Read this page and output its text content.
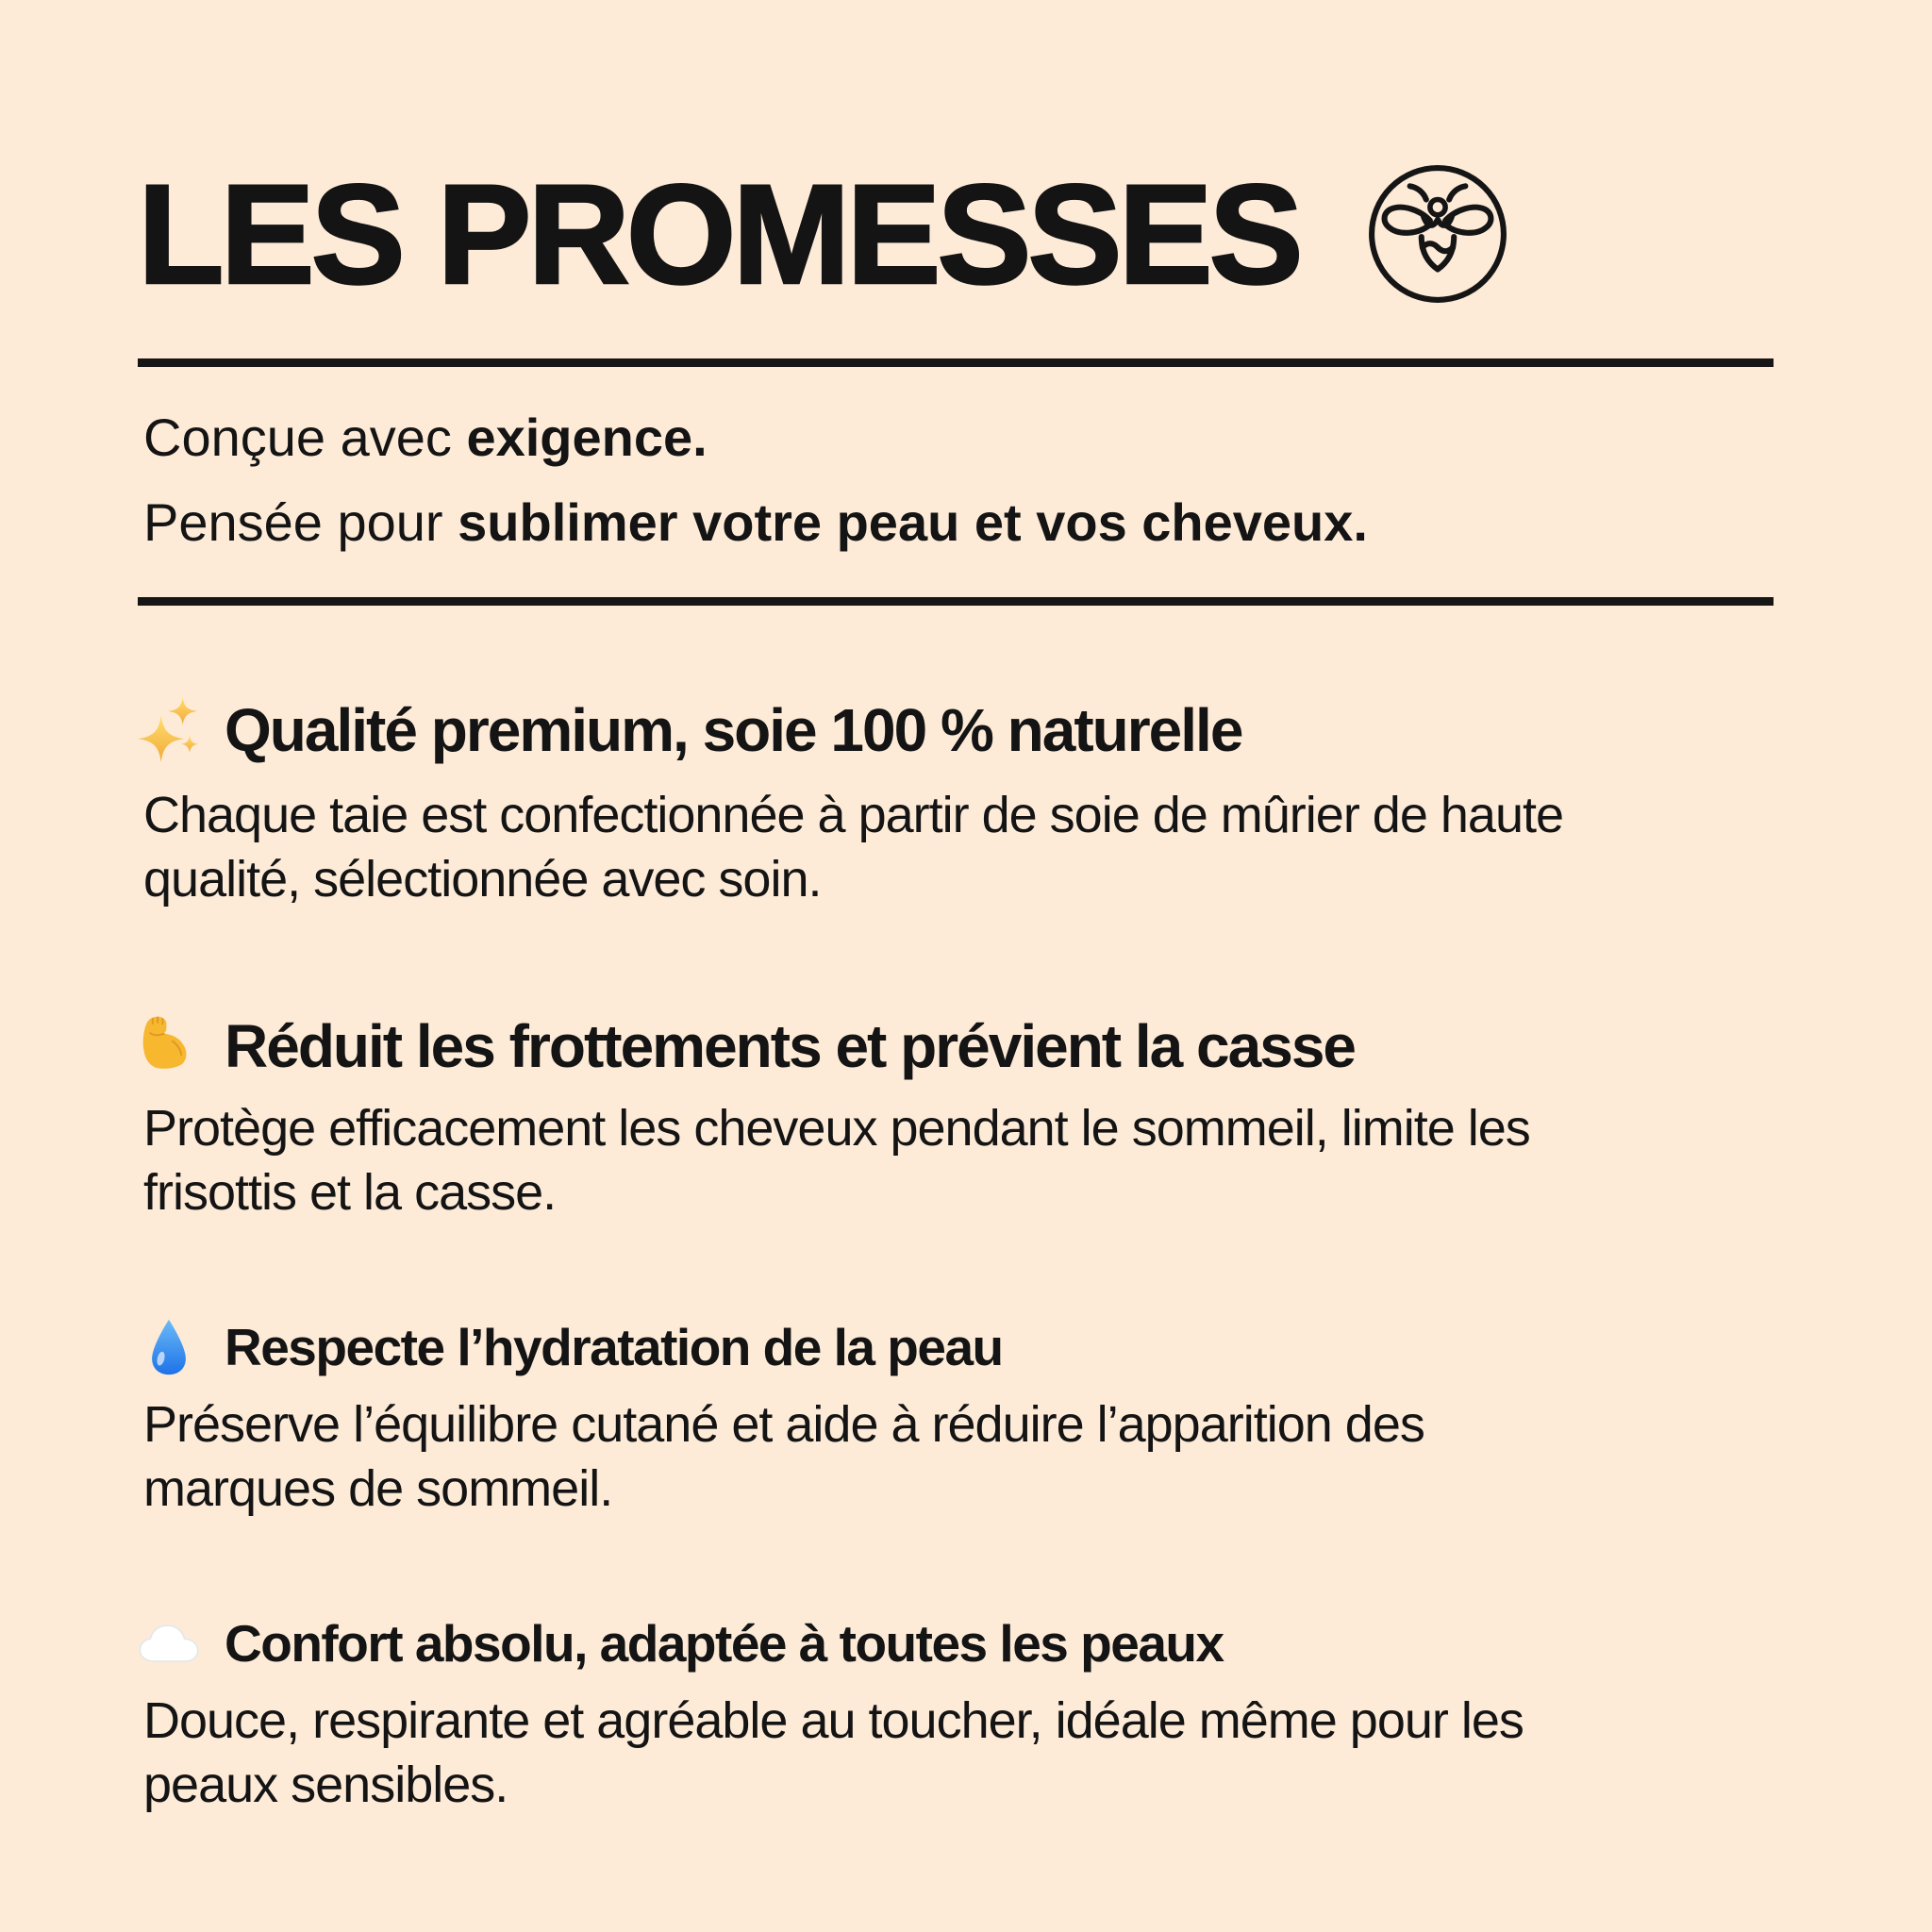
LES PROMESSES
Conçue avec exigence.
Pensée pour sublimer votre peau et vos cheveux.
Qualité premium, soie 100 % naturelle
Chaque taie est confectionnée à partir de soie de mûrier de haute
qualité, sélectionnée avec soin.
Réduit les frottements et prévient la casse
Protège efficacement les cheveux pendant le sommeil, limite les
frisottis et la casse.
Respecte l’hydratation de la peau
Préserve l’équilibre cutané et aide à réduire l’apparition des
marques de sommeil.
Confort absolu, adaptée à toutes les peaux
Douce, respirante et agréable au toucher, idéale même pour les
peaux sensibles.
